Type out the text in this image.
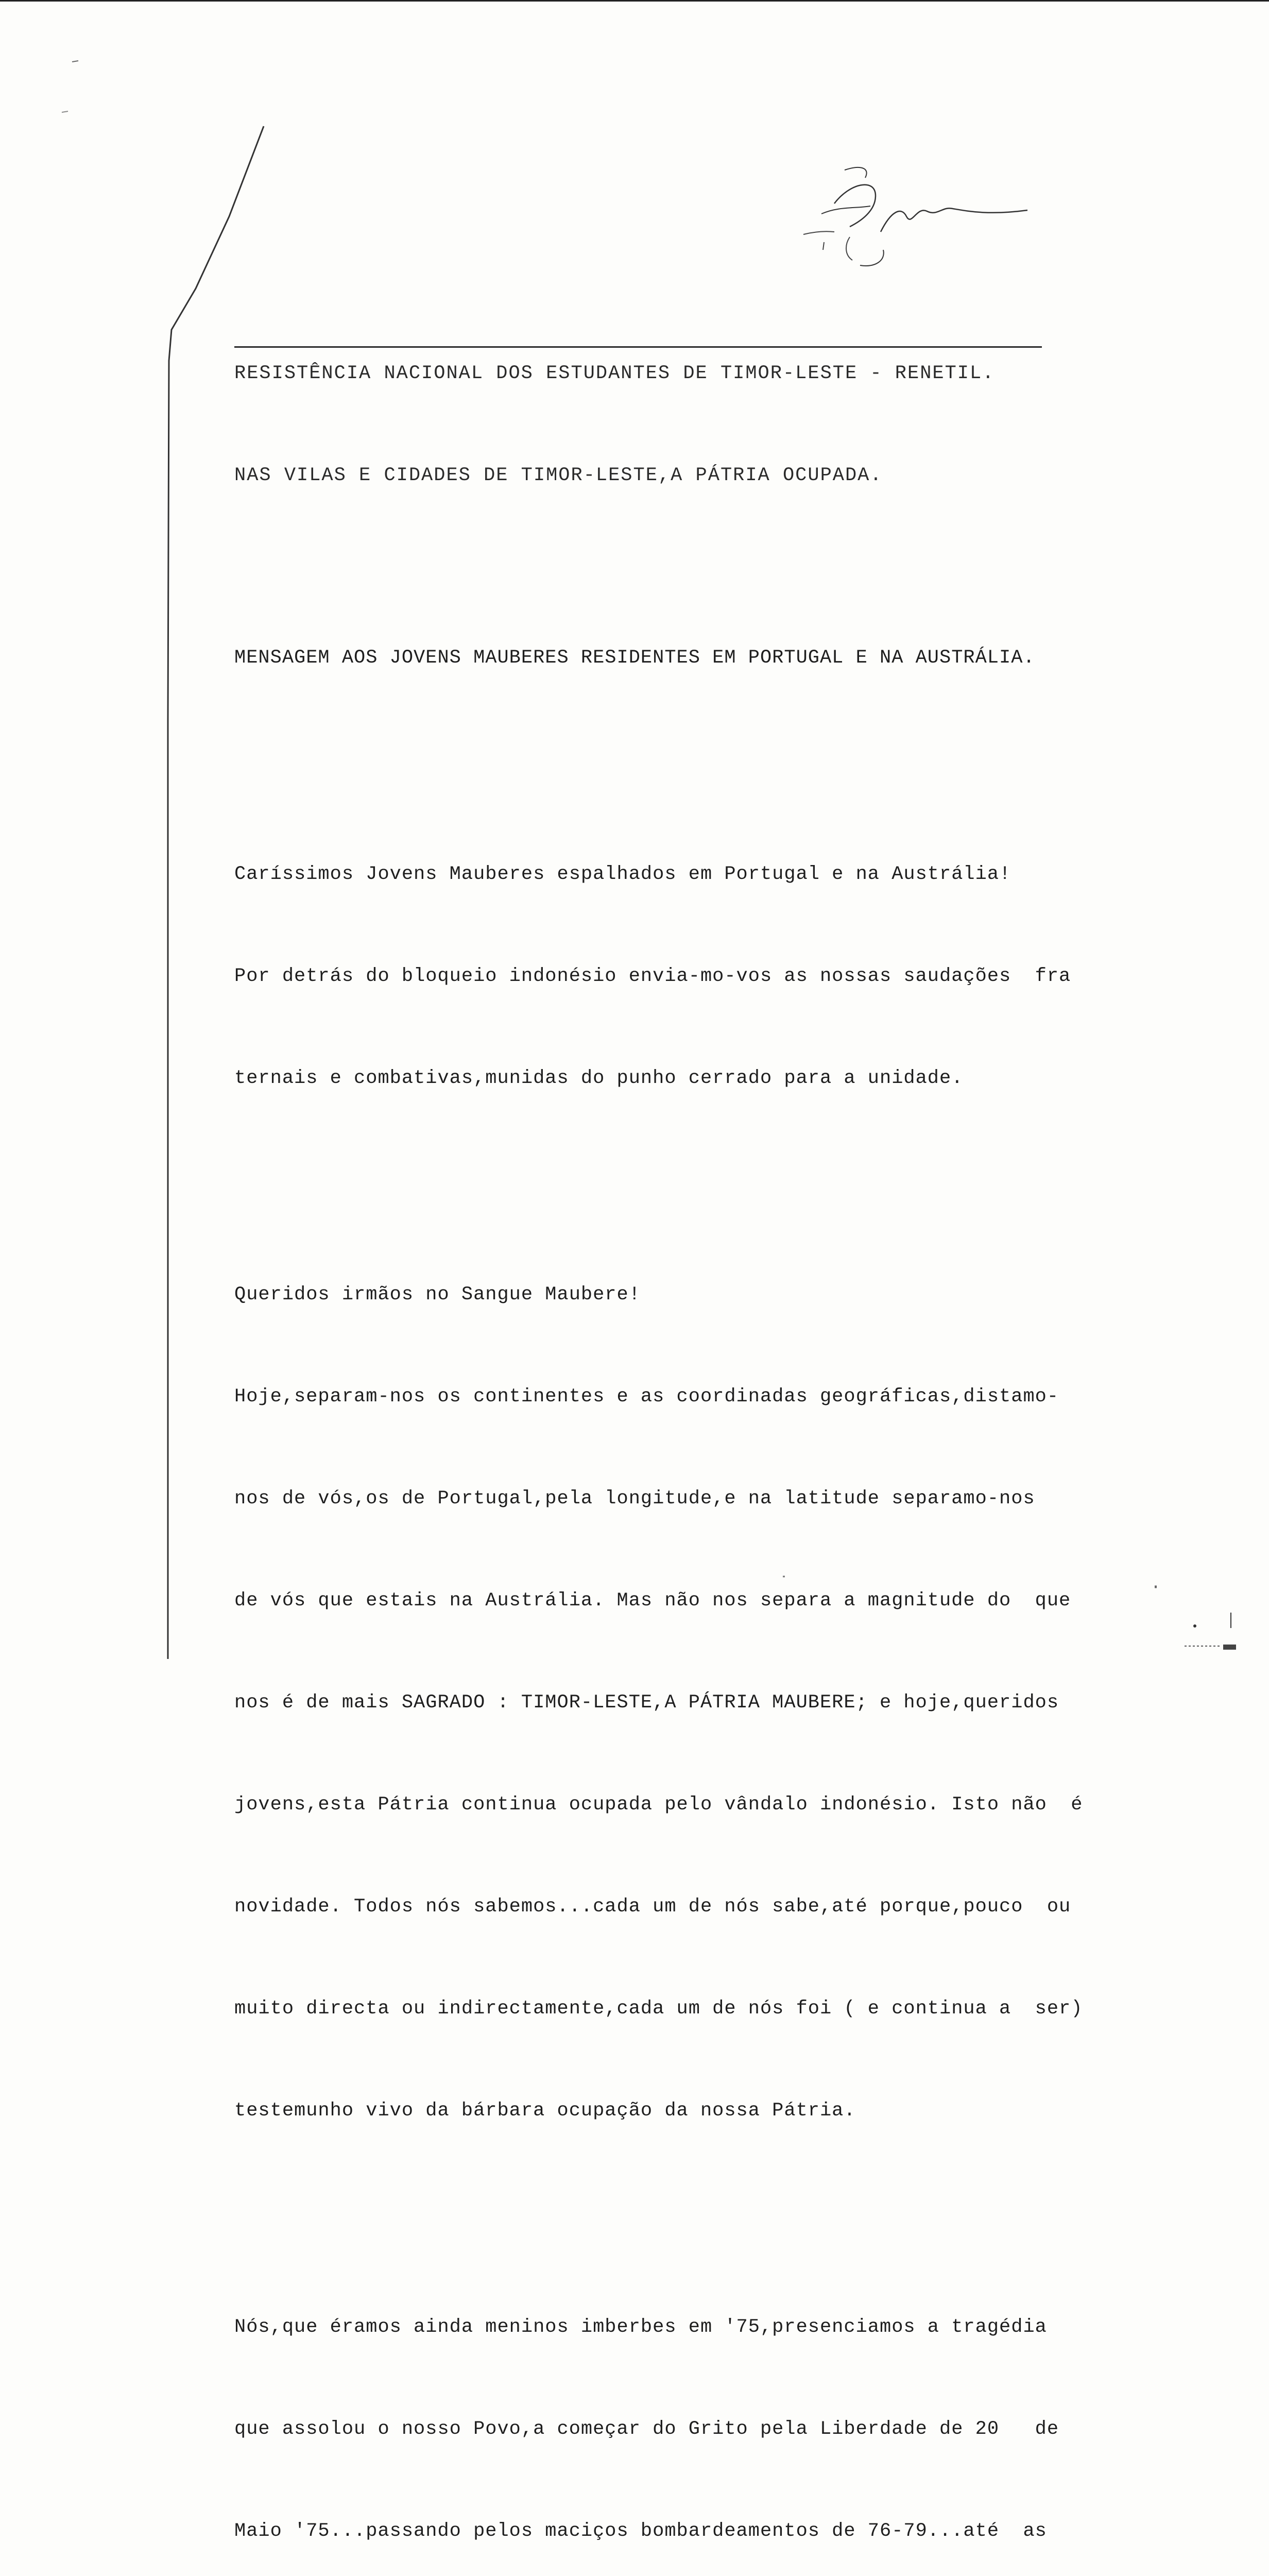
RESISTÊNCIA NACIONAL DOS ESTUDANTES DE TIMOR-LESTE - RENETIL.

NAS VILAS E CIDADES DE TIMOR-LESTE,A PÁTRIA OCUPADA.

MENSAGEM AOS JOVENS MAUBERES RESIDENTES EM PORTUGAL E NA AUSTRÁLIA.

Caríssimos Jovens Mauberes espalhados em Portugal e na Austrália!

Por detrás do bloqueio indonésio envia-mo-vos as nossas saudações  fra

ternais e combativas,munidas do punho cerrado para a unidade.

Queridos irmãos no Sangue Maubere!

Hoje,separam-nos os continentes e as coordinadas geográficas,distamo-

nos de vós,os de Portugal,pela longitude,e na latitude separamo-nos

de vós que estais na Austrália. Mas não nos separa a magnitude do  que

nos é de mais SAGRADO : TIMOR-LESTE,A PÁTRIA MAUBERE; e hoje,queridos

jovens,esta Pátria continua ocupada pelo vândalo indonésio. Isto não  é

novidade. Todos nós sabemos...cada um de nós sabe,até porque,pouco  ou

muito directa ou indirectamente,cada um de nós foi ( e continua a  ser)

testemunho vivo da bárbara ocupação da nossa Pátria.

Nós,que éramos ainda meninos imberbes em '75,presenciamos a tragédia

que assolou o nosso Povo,a começar do Grito pela Liberdade de 20   de

Maio '75...passando pelos maciços bombardeamentos de 76-79...até  as
